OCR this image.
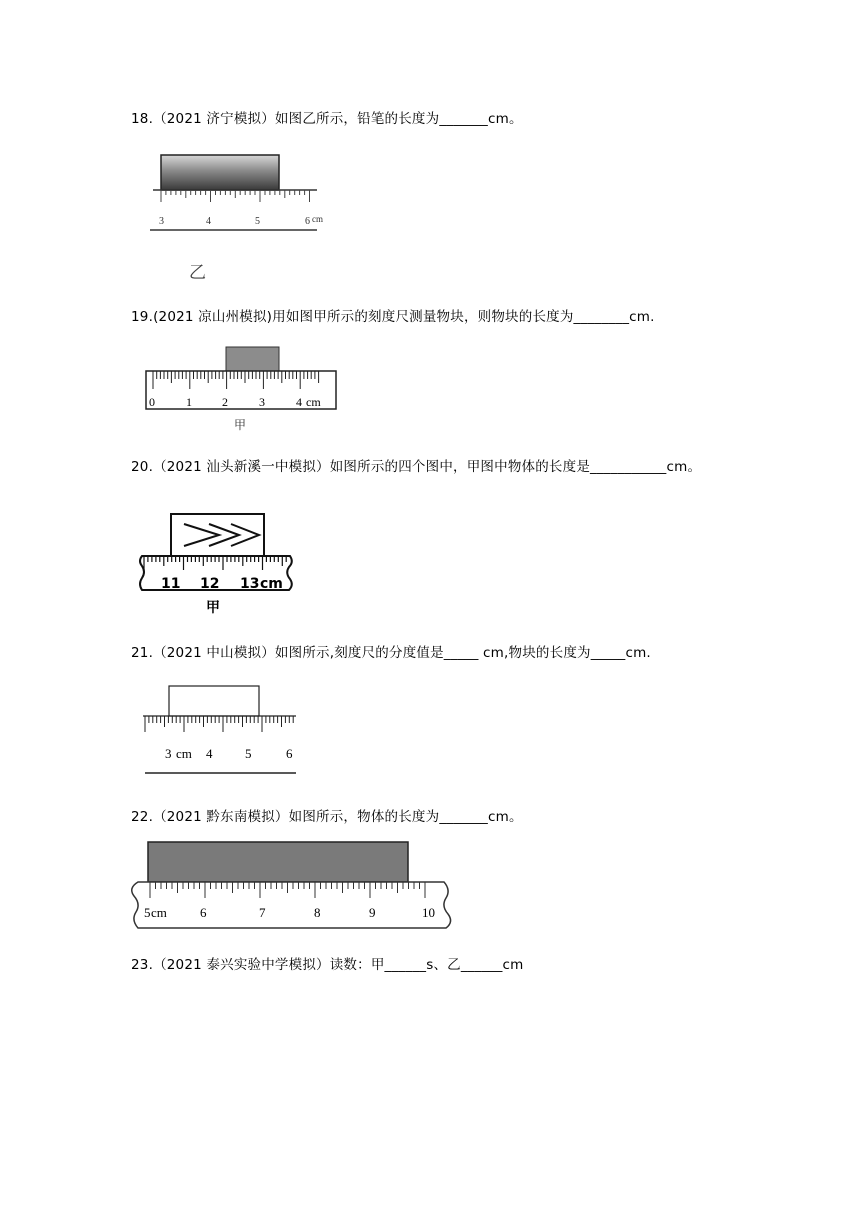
18.（2021 济宁模拟）如图乙所示，铅笔的长度为_______cm。
3	4	5	6 cm
乙
19.(2021 凉山州模拟)用如图甲所示的刻度尺测量物块，则物块的长度为________cm.
0	1	2	3	4 cm
甲
20.（2021 汕头新溪一中模拟）如图所示的四个图中，甲图中物体的长度是___________cm。
11 12 13 cm
甲
21.（2021 中山模拟）如图所示,刻度尺的分度值是_____ cm,物块的长度为_____cm.
3 cm 4	5	6
22.（2021 黔东南模拟）如图所示，物体的长度为_______cm。
5 cm	6	7	8	9	10
23.（2021 泰兴实验中学模拟）读数：甲______s、乙______cm
